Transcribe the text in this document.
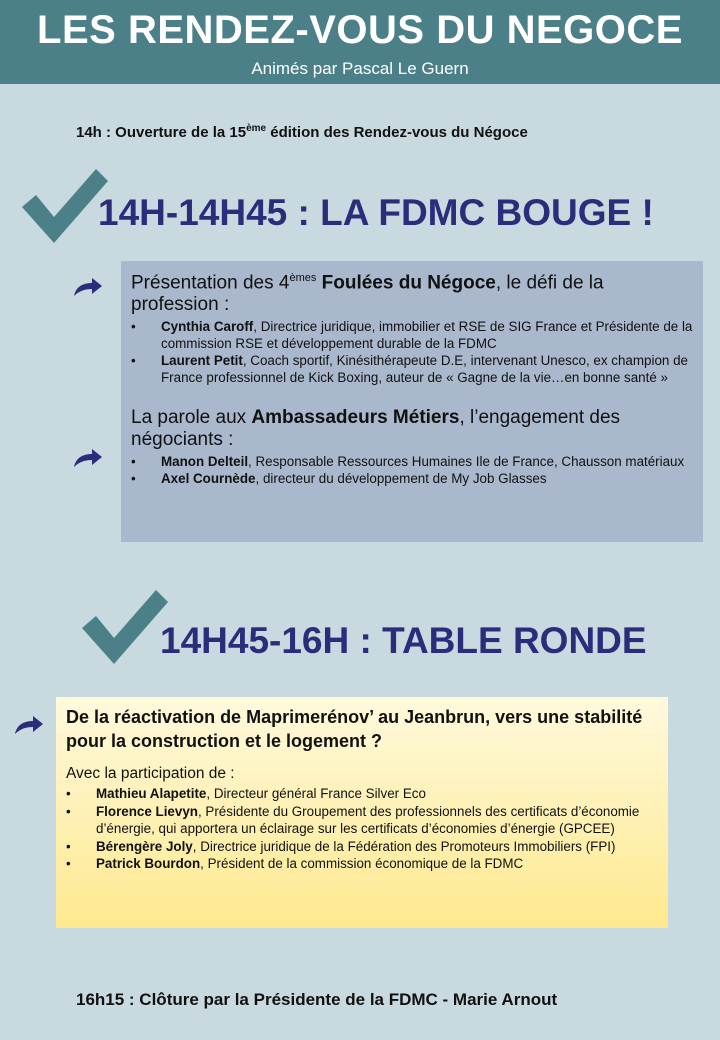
LES RENDEZ-VOUS DU NEGOCE
Animés par Pascal Le Guern
14h : Ouverture de la 15ème édition des Rendez-vous du Négoce
14H-14H45 : LA FDMC BOUGE !
Présentation des 4èmes Foulées du Négoce, le défi de la profession :
• Cynthia Caroff, Directrice juridique, immobilier et RSE de SIG France et Présidente de la commission RSE et développement durable de la FDMC
• Laurent Petit, Coach sportif, Kinésithérapeute D.E, intervenant Unesco, ex champion de France professionnel de Kick Boxing, auteur de « Gagne de la vie…en bonne santé »
La parole aux Ambassadeurs Métiers, l’engagement des négociants :
• Manon Delteil, Responsable Ressources Humaines Ile de France, Chausson matériaux
• Axel Cournède, directeur du développement de My Job Glasses
14H45-16H : TABLE RONDE
De la réactivation de Maprimerénov’ au Jeanbrun, vers une stabilité pour la construction et le logement ?
Avec la participation de :
• Mathieu Alapetite, Directeur général France Silver Eco
• Florence Lievyn, Présidente du Groupement des professionnels des certificats d’économie d’énergie, qui apportera un éclairage sur les certificats d’économies d’énergie (GPCEE)
• Bérengère Joly, Directrice juridique de la Fédération des Promoteurs Immobiliers (FPI)
• Patrick Bourdon, Président de la commission économique de la FDMC
16h15 : Clôture par la Présidente de la FDMC - Marie Arnout
